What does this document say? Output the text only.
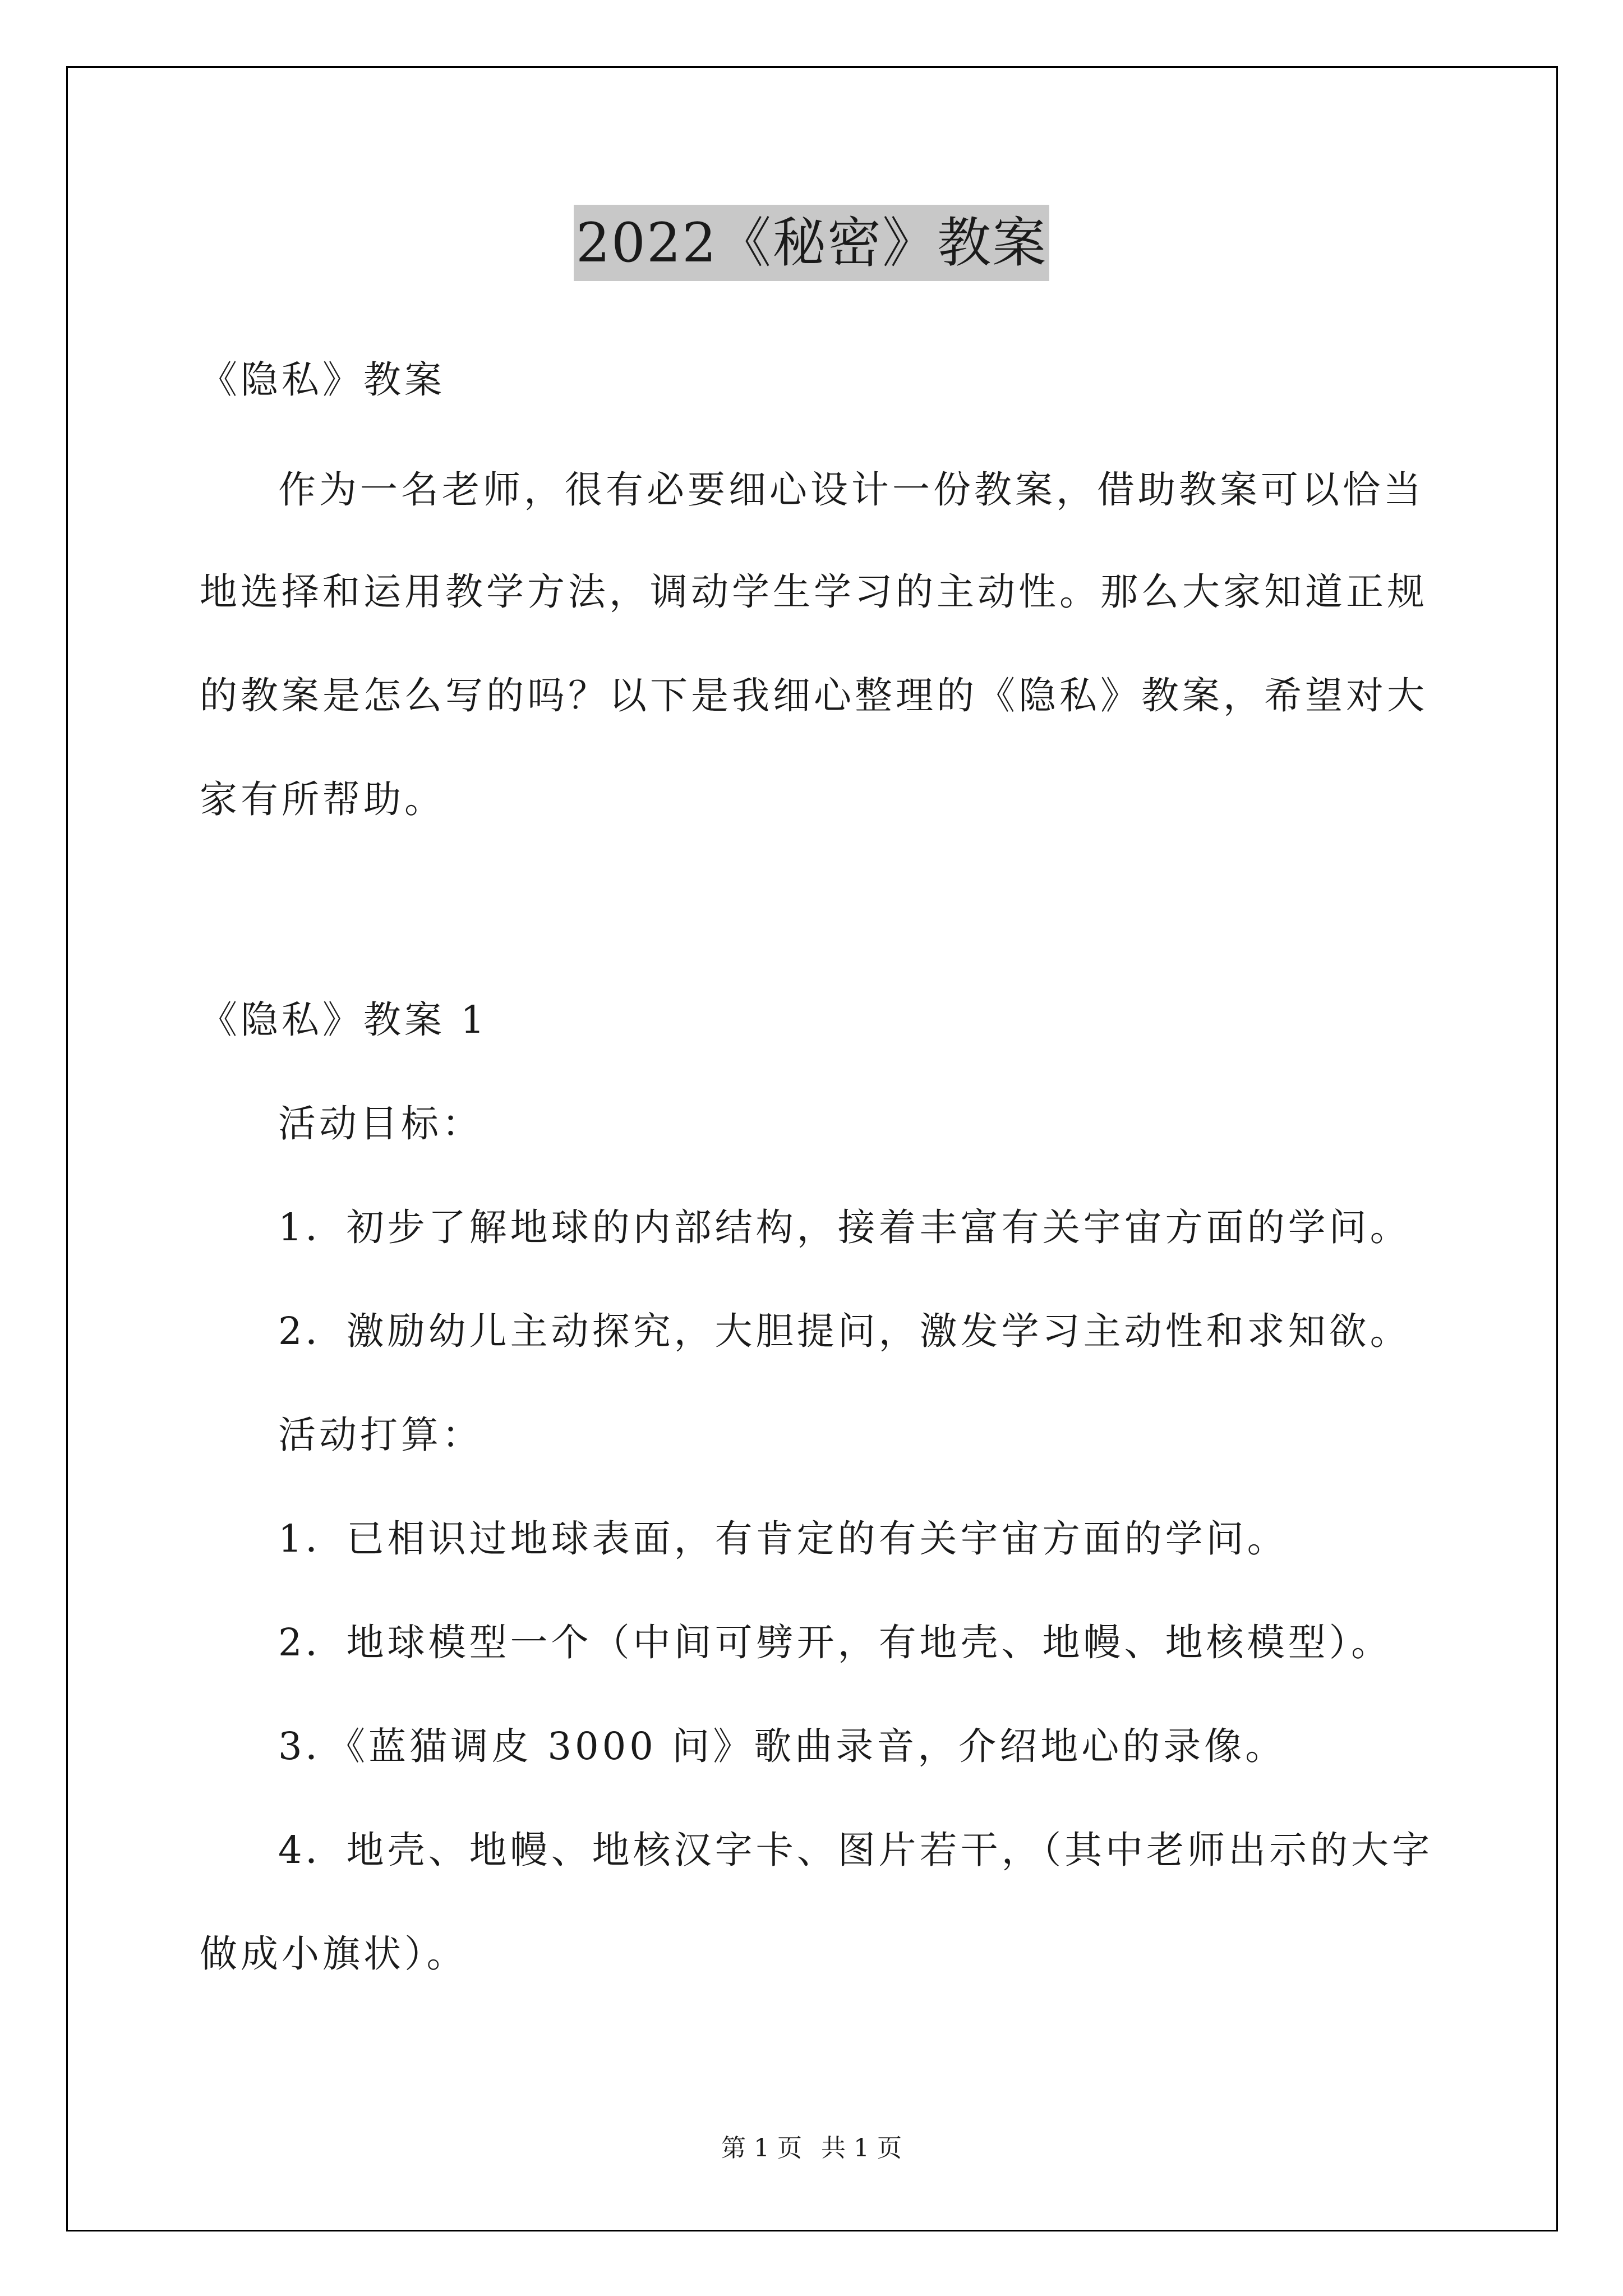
2022《秘密》教案
《隐私》教案
作为一名老师，很有必要细心设计一份教案，借助教案可以恰当
地选择和运用教学方法，调动学生学习的主动性。那么大家知道正规
的教案是怎么写的吗？以下是我细心整理的《隐私》教案，希望对大
家有所帮助。
《隐私》教案 1
活动目标：
1．初步了解地球的内部结构，接着丰富有关宇宙方面的学问。
2．激励幼儿主动探究，大胆提问，激发学习主动性和求知欲。
活动打算：
1．已相识过地球表面，有肯定的有关宇宙方面的学问。
2．地球模型一个（中间可劈开，有地壳、地幔、地核模型）。
3．《蓝猫调皮 3000 问》歌曲录音，介绍地心的录像。
4．地壳、地幔、地核汉字卡、图片若干，（其中老师出示的大字
做成小旗状）。
第 1 页 共 1 页
